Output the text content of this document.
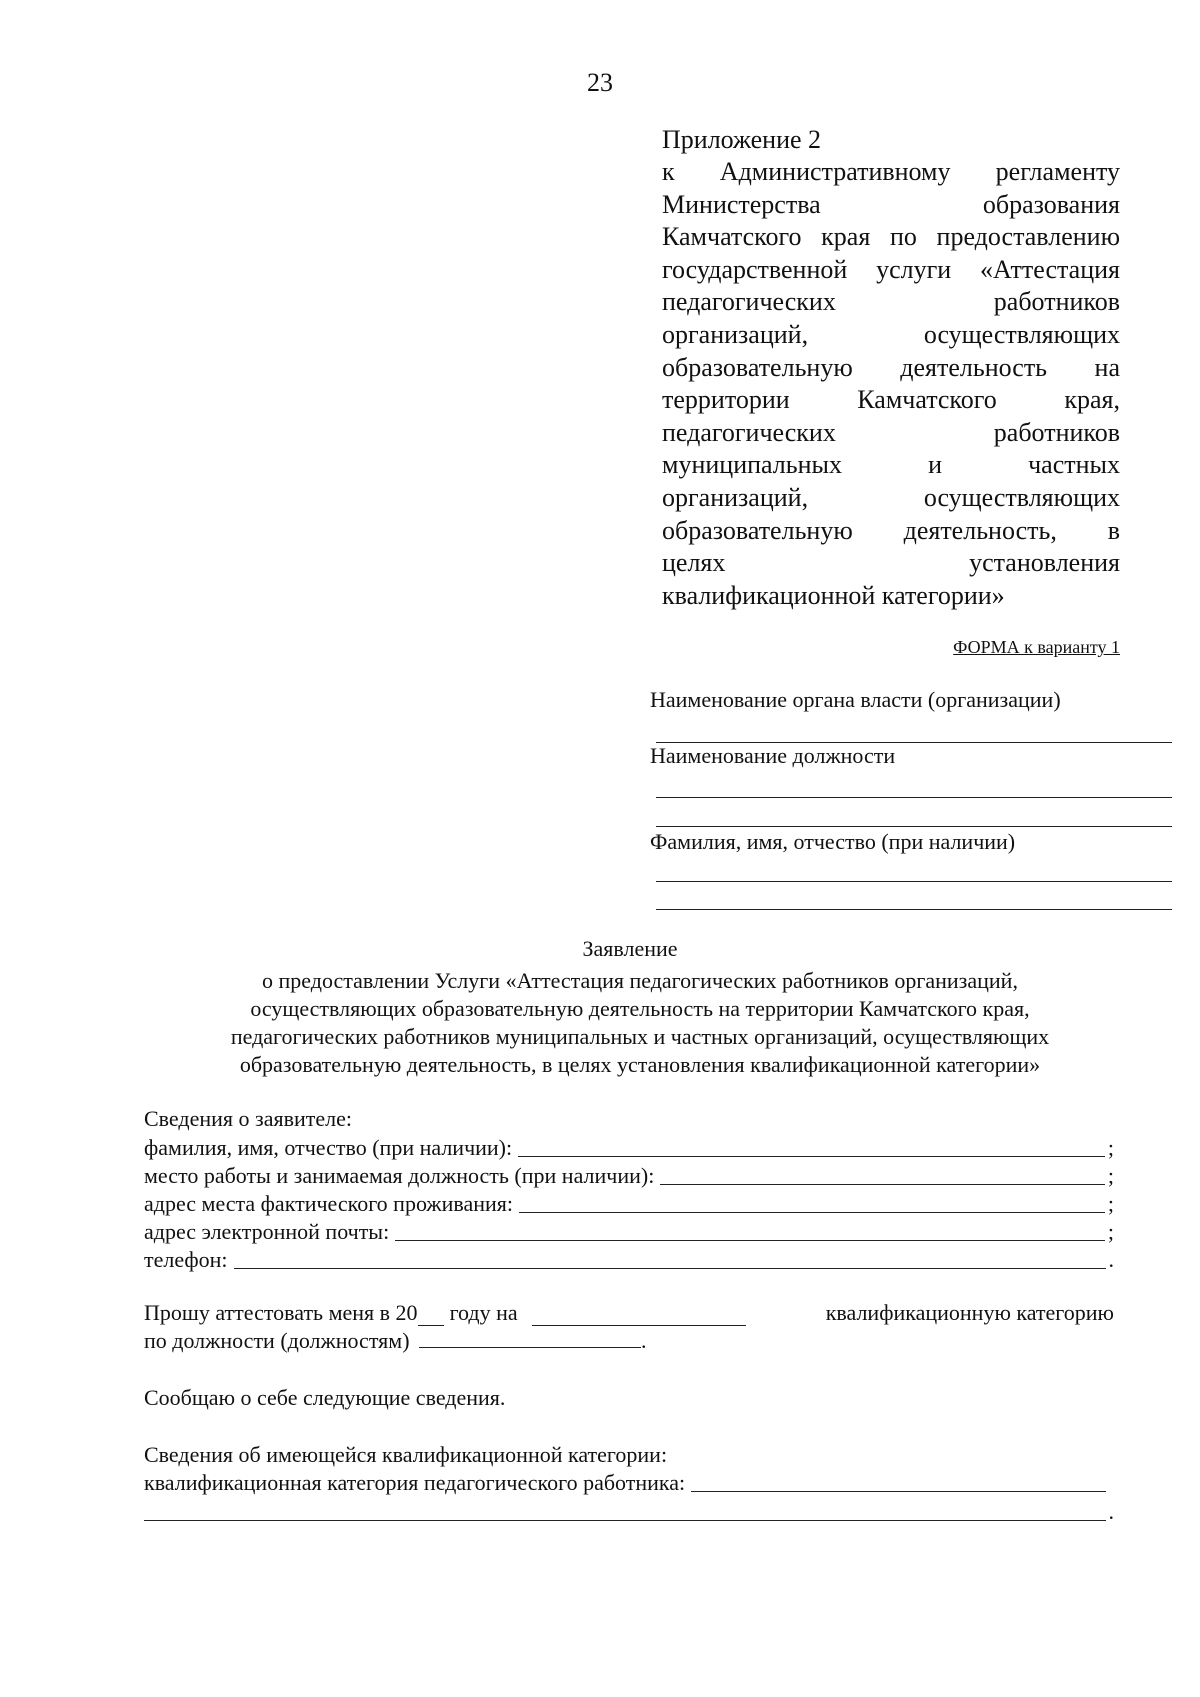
23
Приложение 2
к Административному регламенту
Министерства образования
Камчатского края по предоставлению
государственной услуги «Аттестация
педагогических работников
организаций, осуществляющих
образовательную деятельность на
территории Камчатского края,
педагогических работников
муниципальных и частных
организаций, осуществляющих
образовательную деятельность, в
целях установления
квалификационной категории»
ФОРМА к варианту 1
Наименование органа власти (организации)
Наименование должности
Фамилия, имя, отчество (при наличии)
Заявление
о предоставлении Услуги «Аттестация педагогических работников организаций,
осуществляющих образовательную деятельность на территории Камчатского края,
педагогических работников муниципальных и частных организаций, осуществляющих
образовательную деятельность, в целях установления квалификационной категории»
Сведения о заявителе:
фамилия, имя, отчество (при наличии):	;
место работы и занимаемая должность (при наличии):	;
адрес места фактического проживания:	;
адрес электронной почты:	;
телефон:	.
Прошу аттестовать меня в 20 году на	квалификационную категорию
по должности (должностям)	.
Сообщаю о себе следующие сведения.
Сведения об имеющейся квалификационной категории:
квалификационная категория педагогического работника:
.
